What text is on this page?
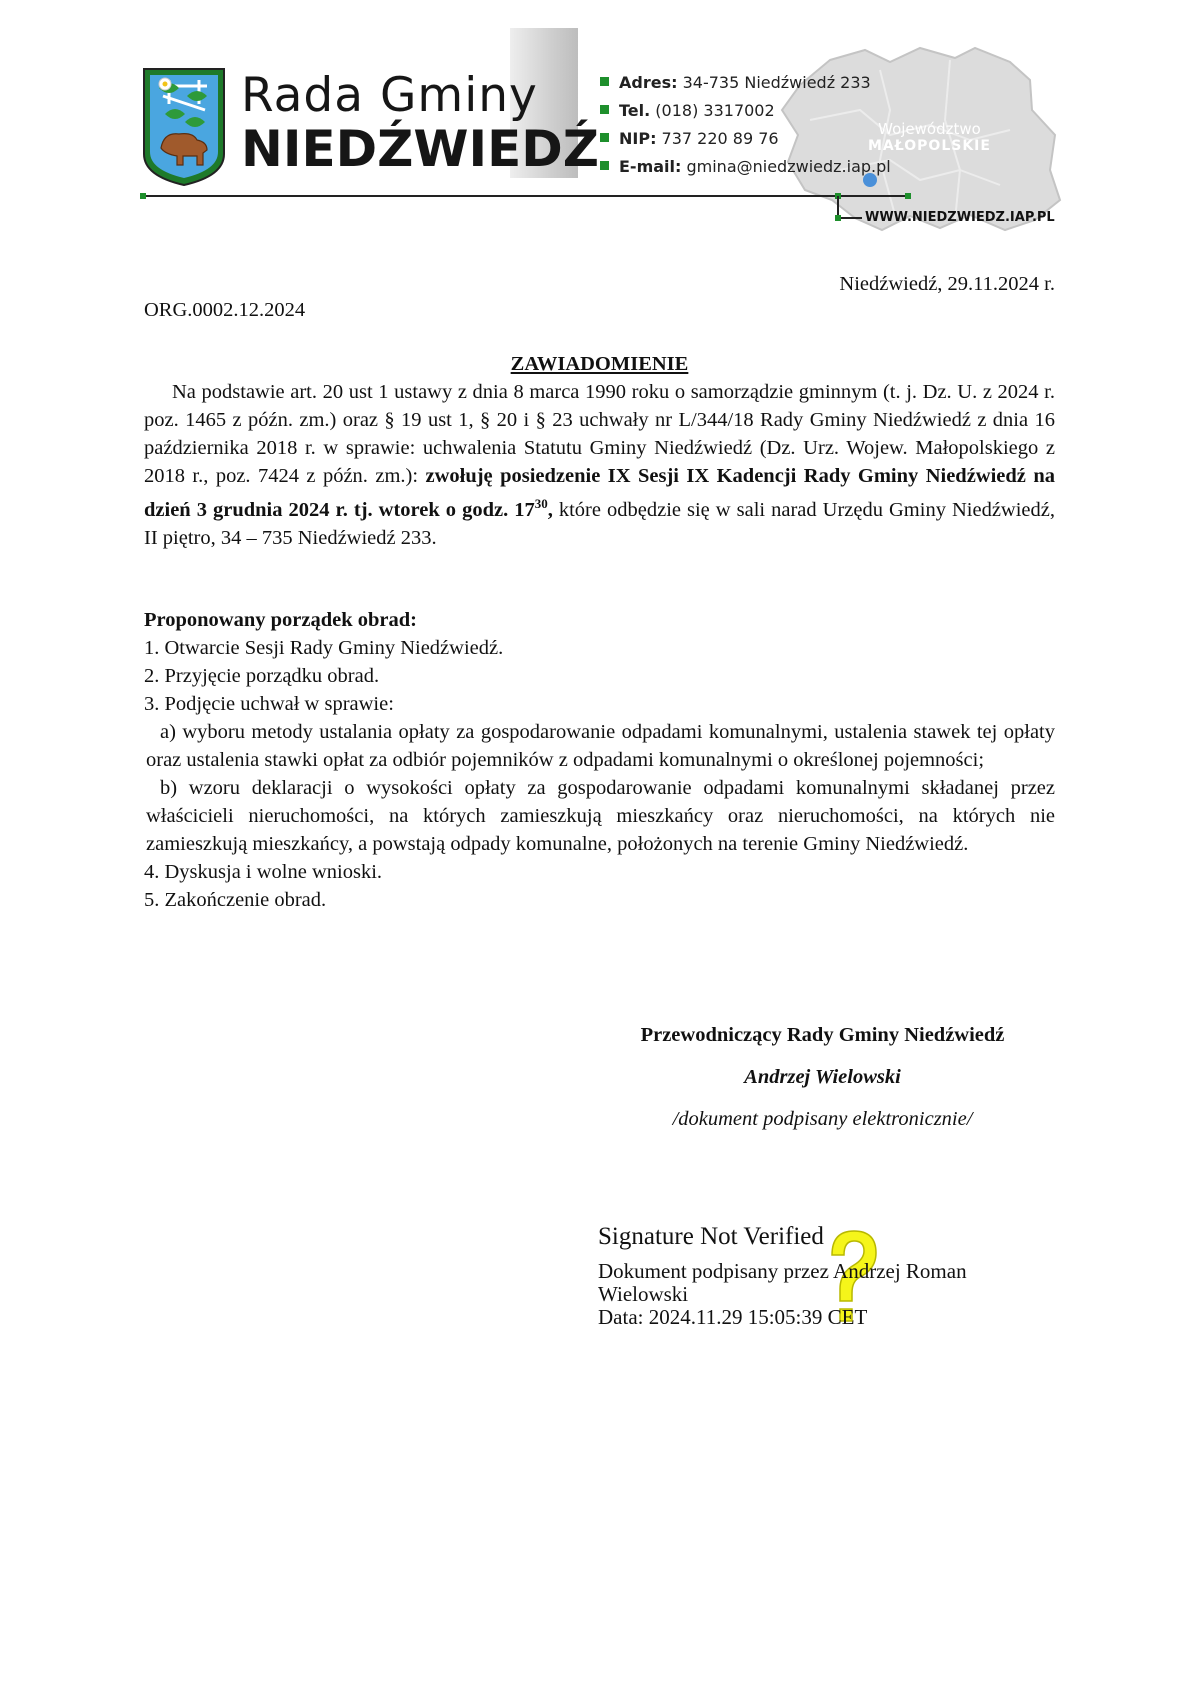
Rada Gminy
NIEDŹWIEDŹ
Adres: 34-735 Niedźwiedź 233
Tel. (018) 3317002
NIP: 737 220 89 76
E-mail: gmina@niedzwiedz.iap.pl
Województwo
MAŁOPOLSKIE
WWW.NIEDZWIEDZ.IAP.PL
Niedźwiedź, 29.11.2024 r.
ORG.0002.12.2024
ZAWIADOMIENIE
Na podstawie art. 20 ust 1 ustawy z dnia 8 marca 1990 roku o samorządzie gminnym (t. j. Dz. U. z 2024 r. poz. 1465 z późn. zm.) oraz § 19 ust 1, § 20 i § 23 uchwały nr L/344/18 Rady Gminy Niedźwiedź z dnia 16 października 2018 r. w sprawie: uchwalenia Statutu Gminy Niedźwiedź (Dz. Urz. Wojew. Małopolskiego z 2018 r., poz. 7424 z późn. zm.): zwołuję posiedzenie IX Sesji IX Kadencji Rady Gminy Niedźwiedź na dzień 3 grudnia 2024 r. tj. wtorek o godz. $17^{30}$, które odbędzie się w sali narad Urzędu Gminy Niedźwiedź, II piętro, 34 – 735 Niedźwiedź 233.
Proponowany porządek obrad:
1. Otwarcie Sesji Rady Gminy Niedźwiedź.
2. Przyjęcie porządku obrad.
3. Podjęcie uchwał w sprawie:
a) wyboru metody ustalania opłaty za gospodarowanie odpadami komunalnymi, ustalenia stawek tej opłaty oraz ustalenia stawki opłat za odbiór pojemników z odpadami komunalnymi o określonej pojemności;
b) wzoru deklaracji o wysokości opłaty za gospodarowanie odpadami komunalnymi składanej przez właścicieli nieruchomości, na których zamieszkują mieszkańcy oraz nieruchomości, na których nie zamieszkują mieszkańcy, a powstają odpady komunalne, położonych na terenie Gminy Niedźwiedź.
4. Dyskusja i wolne wnioski.
5. Zakończenie obrad.
Przewodniczący Rady Gminy Niedźwiedź
Andrzej Wielowski
/dokument podpisany elektronicznie/
Signature Not Verified
Dokument podpisany przez Andrzej Roman
Wielowski
Data: 2024.11.29 15:05:39 CET
